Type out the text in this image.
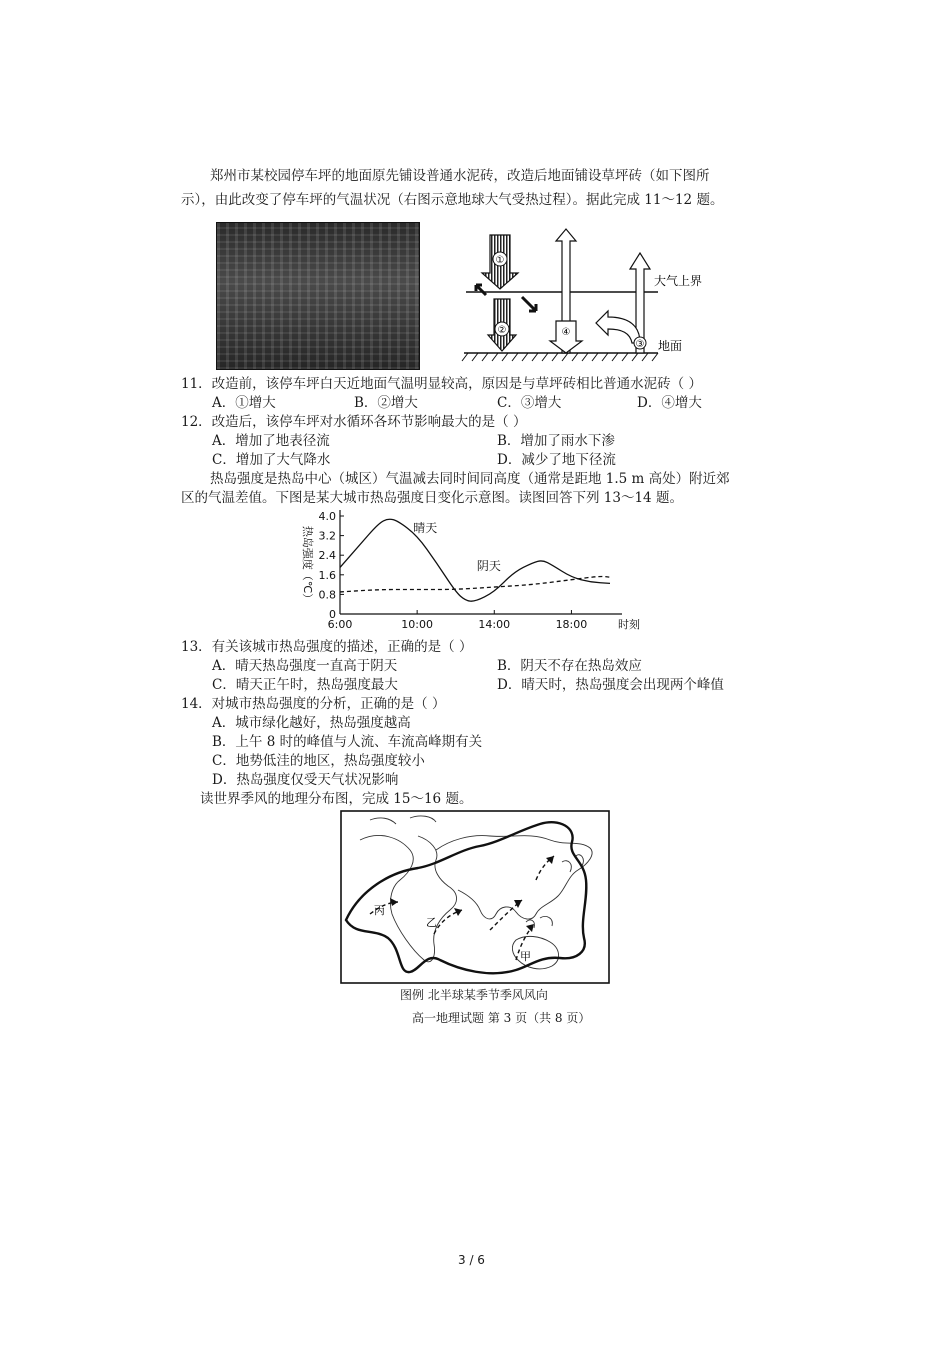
郑州市某校园停车坪的地面原先铺设普通水泥砖，改造后地面铺设草坪砖（如下图所
示），由此改变了停车坪的气温状况（右图示意地球大气受热过程）。据此完成 11～12 题。
①
②
③
④
大气上界
地面
11．改造前，该停车坪白天近地面气温明显较高，原因是与草坪砖相比普通水泥砖（ ）
A．①增大	B．②增大	C．③增大	D．④增大
12．改造后，该停车坪对水循环各环节影响最大的是（ ）
A．增加了地表径流	B．增加了雨水下渗
C．增加了大气降水	D．减少了地下径流
热岛强度是热岛中心（城区）气温减去同时间同高度（通常是距地 1.5 m 高处）附近郊
区的气温差值。下图是某大城市热岛强度日变化示意图。读图回答下列 13～14 题。
0
0.8
1.6
2.4
3.2
4.0
6:00	10:00	14:00	18:00	时刻
热岛强度（℃）	晴天
阴天
13．有关该城市热岛强度的描述，正确的是（ ）
A．晴天热岛强度一直高于阴天	B．阴天不存在热岛效应
C．晴天正午时，热岛强度最大	D．晴天时，热岛强度会出现两个峰值
14．对城市热岛强度的分析，正确的是（ ）
A．城市绿化越好，热岛强度越高
B．上午 8 时的峰值与人流、车流高峰期有关
C．地势低洼的地区，热岛强度较小
D．热岛强度仅受天气状况影响
读世界季风的地理分布图，完成 15～16 题。
丙
乙
甲
图例 北半球某季节季风风向
高一地理试题 第 3 页（共 8 页）
3 / 6
